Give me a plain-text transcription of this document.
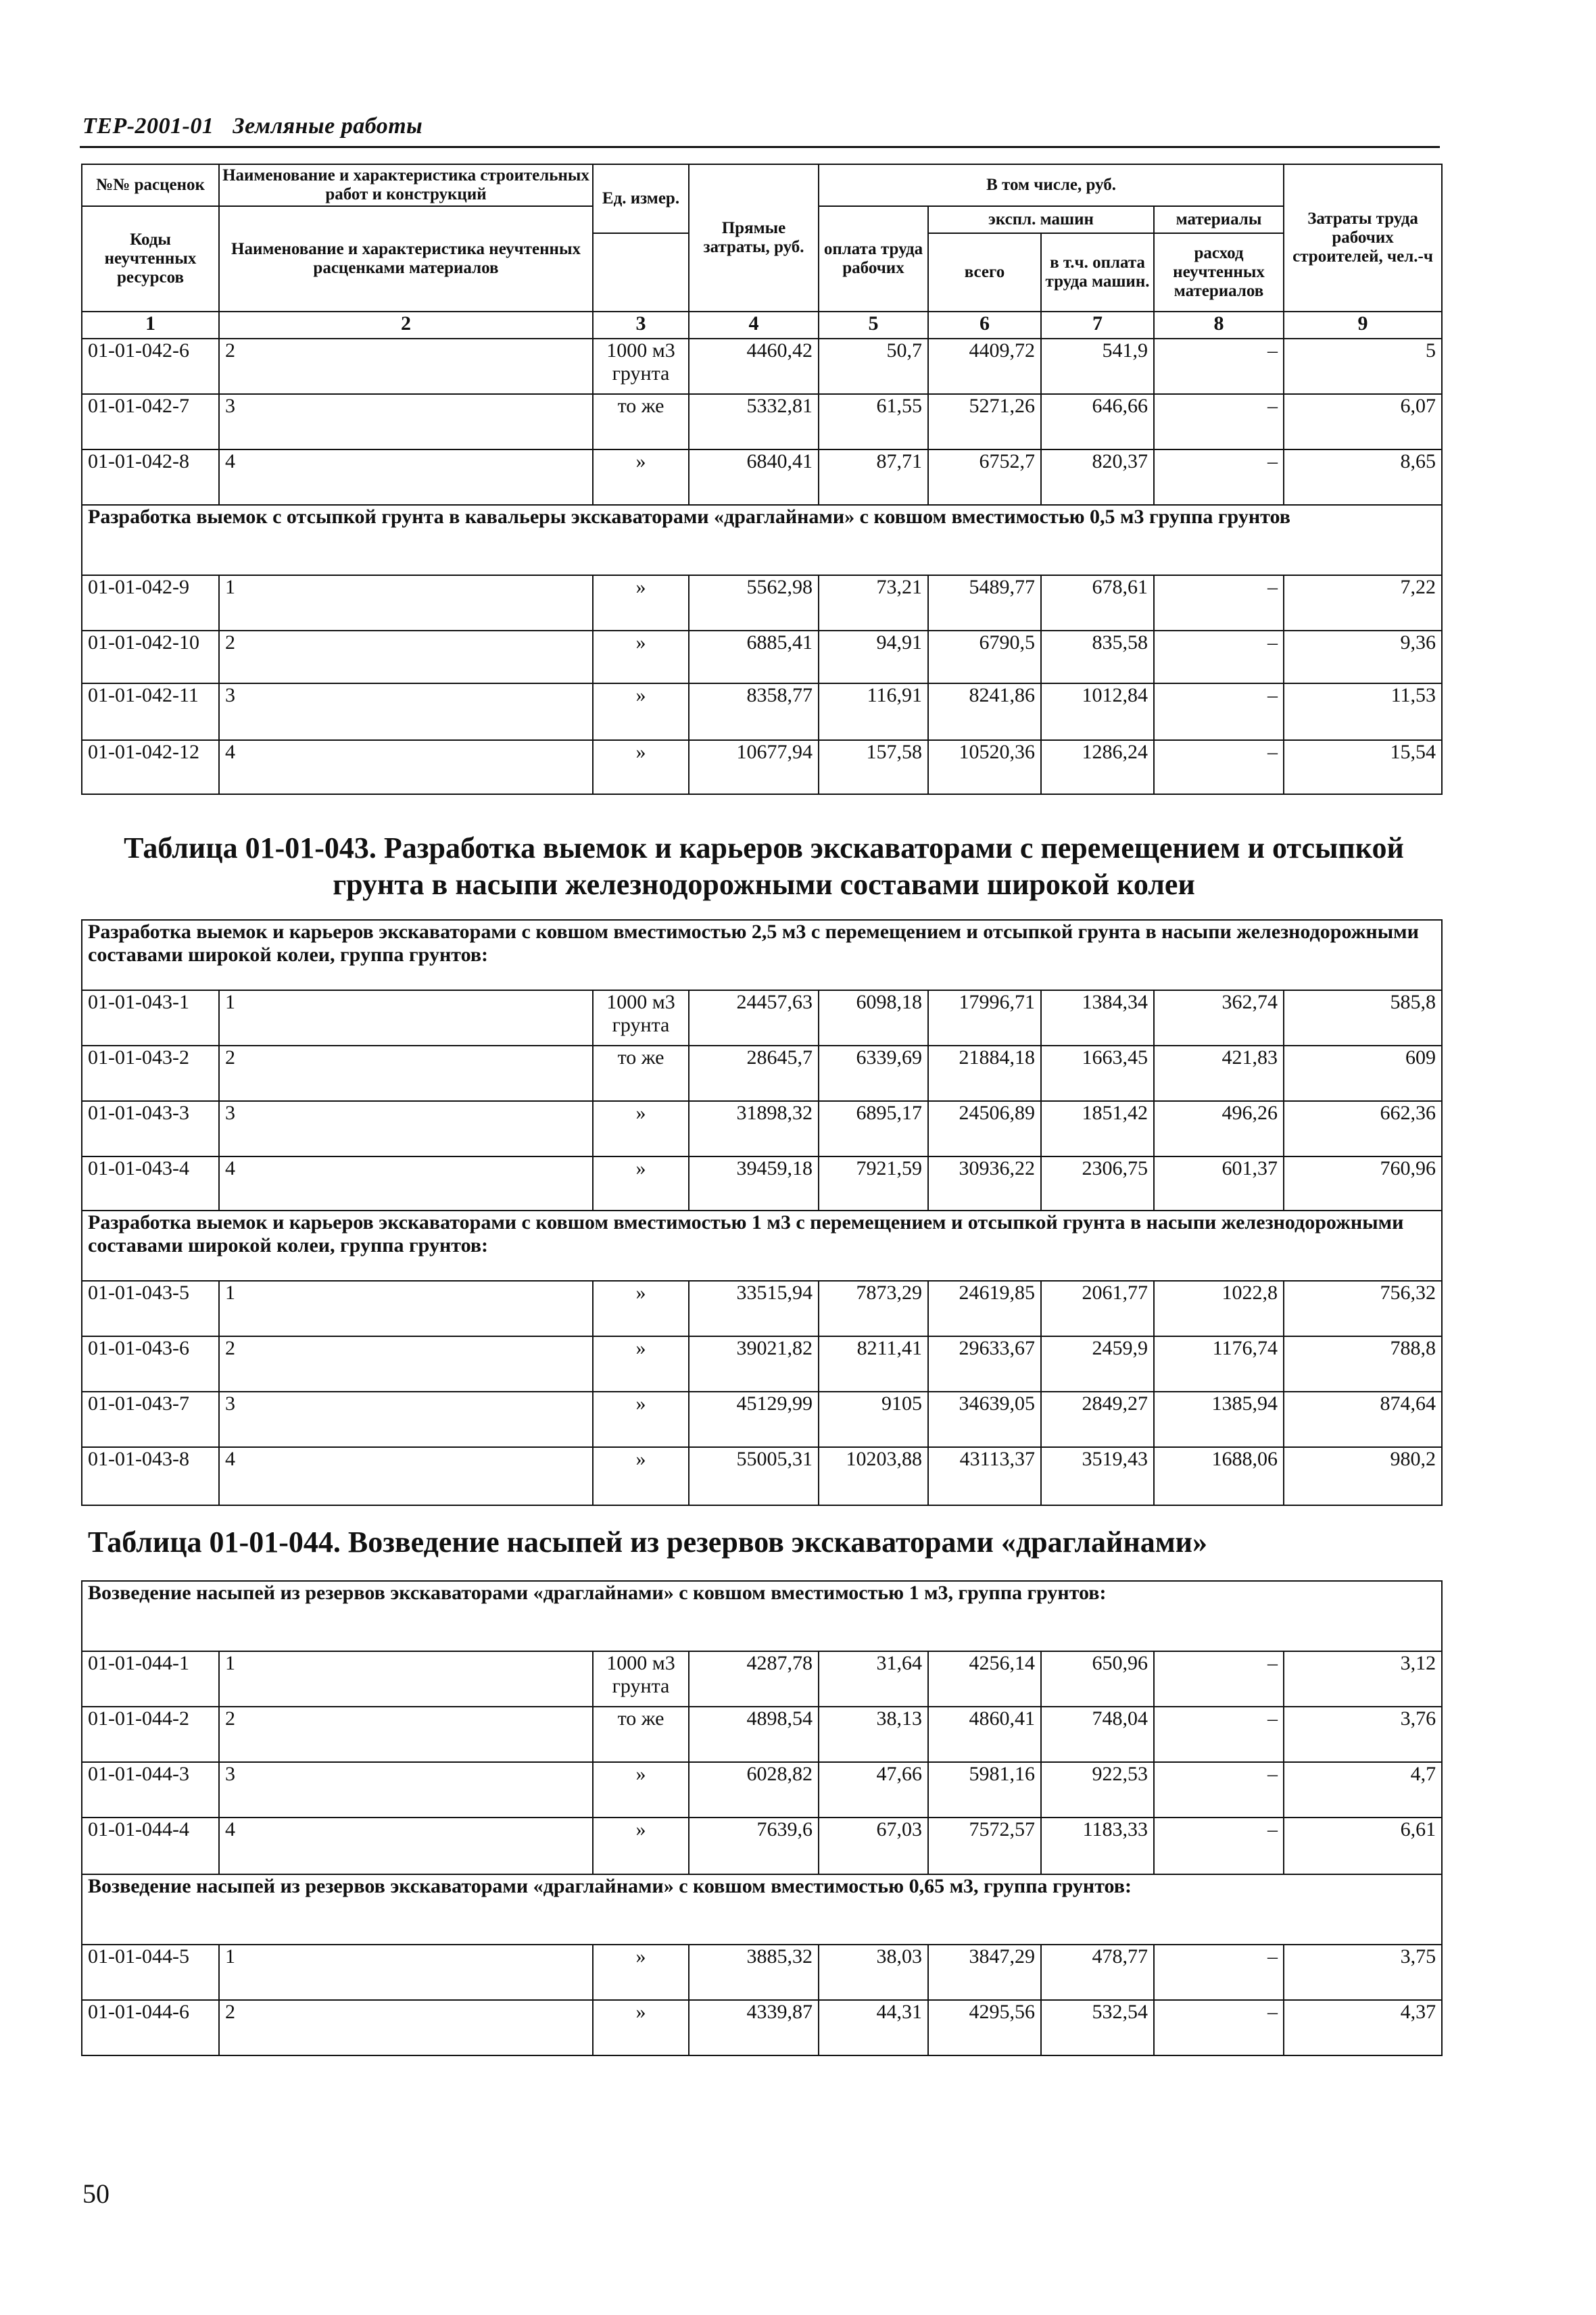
ТЕР-2001-01 Земляные работы
№№ расценок	Наименование и характеристика строительных работ и конструкций	Ед. измер.	Прямые затраты, руб.	В том числе, руб.				Затраты труда рабочих строителей, чел.-ч
Коды неучтенных ресурсов	Наименование и характеристика неучтенных расценками материалов			оплата труда рабочих	экспл. машин		материалы	
					всего	в т.ч. оплата труда машин.	расход неучтенных материалов	
1	2	3	4	5	6	7	8	9
01-01-042-6	2	1000 м3 грунта	4460,42	50,7	4409,72	541,9	–	5
01-01-042-7	3	то же	5332,81	61,55	5271,26	646,66	–	6,07
01-01-042-8	4	»	6840,41	87,71	6752,7	820,37	–	8,65
Разработка выемок с отсыпкой грунта в кавальеры экскаваторами «драглайнами» с ковшом вместимостью 0,5 м3 группа грунтов								
01-01-042-9	1	»	5562,98	73,21	5489,77	678,61	–	7,22
01-01-042-10	2	»	6885,41	94,91	6790,5	835,58	–	9,36
01-01-042-11	3	»	8358,77	116,91	8241,86	1012,84	–	11,53
01-01-042-12	4	»	10677,94	157,58	10520,36	1286,24	–	15,54
Таблица 01-01-043. Разработка выемок и карьеров экскаваторами с перемещением и отсыпкой грунта в насыпи железнодорожными составами широкой колеи
Разработка выемок и карьеров экскаваторами с ковшом вместимостью 2,5 м3 с перемещением и отсыпкой грунта в насыпи железнодорожными составами широкой колеи, группа грунтов:								
01-01-043-1	1	1000 м3 грунта	24457,63	6098,18	17996,71	1384,34	362,74	585,8
01-01-043-2	2	то же	28645,7	6339,69	21884,18	1663,45	421,83	609
01-01-043-3	3	»	31898,32	6895,17	24506,89	1851,42	496,26	662,36
01-01-043-4	4	»	39459,18	7921,59	30936,22	2306,75	601,37	760,96
Разработка выемок и карьеров экскаваторами с ковшом вместимостью 1 м3 с перемещением и отсыпкой грунта в насыпи железнодорожными составами широкой колеи, группа грунтов:								
01-01-043-5	1	»	33515,94	7873,29	24619,85	2061,77	1022,8	756,32
01-01-043-6	2	»	39021,82	8211,41	29633,67	2459,9	1176,74	788,8
01-01-043-7	3	»	45129,99	9105	34639,05	2849,27	1385,94	874,64
01-01-043-8	4	»	55005,31	10203,88	43113,37	3519,43	1688,06	980,2
Таблица 01-01-044. Возведение насыпей из резервов экскаваторами «драглайнами»
Возведение насыпей из резервов экскаваторами «драглайнами» с ковшом вместимостью 1 м3, группа грунтов:								
01-01-044-1	1	1000 м3 грунта	4287,78	31,64	4256,14	650,96	–	3,12
01-01-044-2	2	то же	4898,54	38,13	4860,41	748,04	–	3,76
01-01-044-3	3	»	6028,82	47,66	5981,16	922,53	–	4,7
01-01-044-4	4	»	7639,6	67,03	7572,57	1183,33	–	6,61
Возведение насыпей из резервов экскаваторами «драглайнами» с ковшом вместимостью 0,65 м3, группа грунтов:								
01-01-044-5	1	»	3885,32	38,03	3847,29	478,77	–	3,75
01-01-044-6	2	»	4339,87	44,31	4295,56	532,54	–	4,37
50
